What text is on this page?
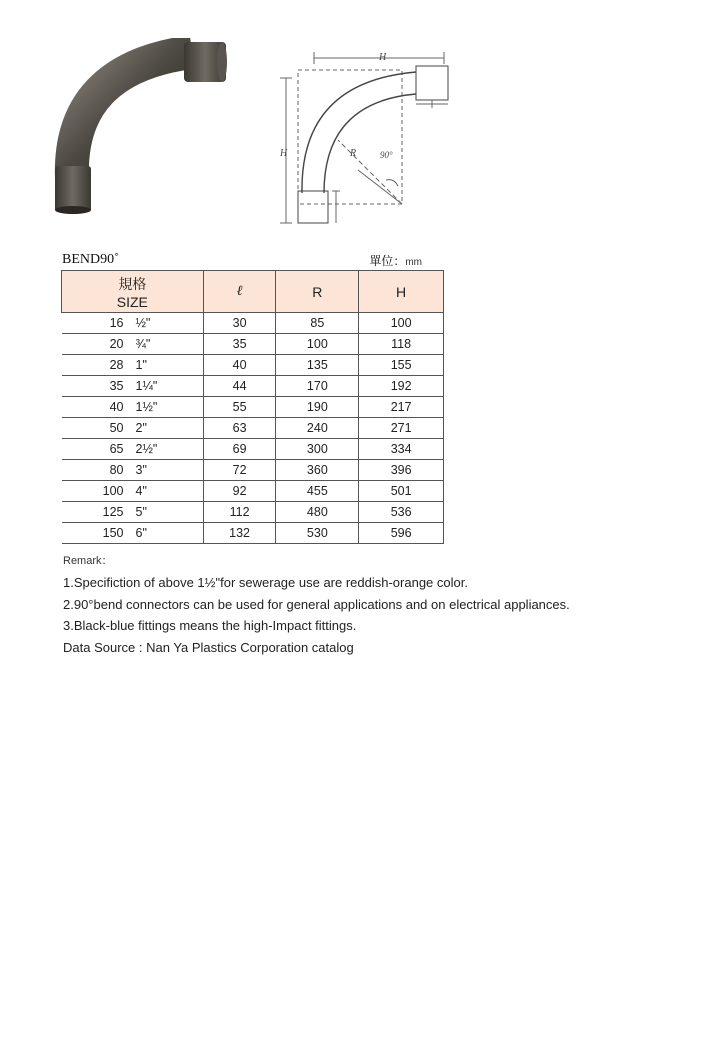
H
H	R	90°
BEND90˚	單位：mm
規格
SIZE	ℓ	R	H
16 ½"	30	85	100
20 ¾"	35	100	118
28 1"	40	135	155
35 1¼"	44	170	192
40 1½"	55	190	217
50 2"	63	240	271
65 2½"	69	300	334
80 3"	72	360	396
100 4"	92	455	501
125 5"	112	480	536
150 6"	132	530	596
Remark：
1.Specifiction of above 1½"for sewerage use are reddish-orange color.
2.90°bend connectors can be used for general applications and on electrical appliances.
3.Black-blue fittings means the high-Impact fittings.
Data Source : Nan Ya Plastics Corporation catalog
